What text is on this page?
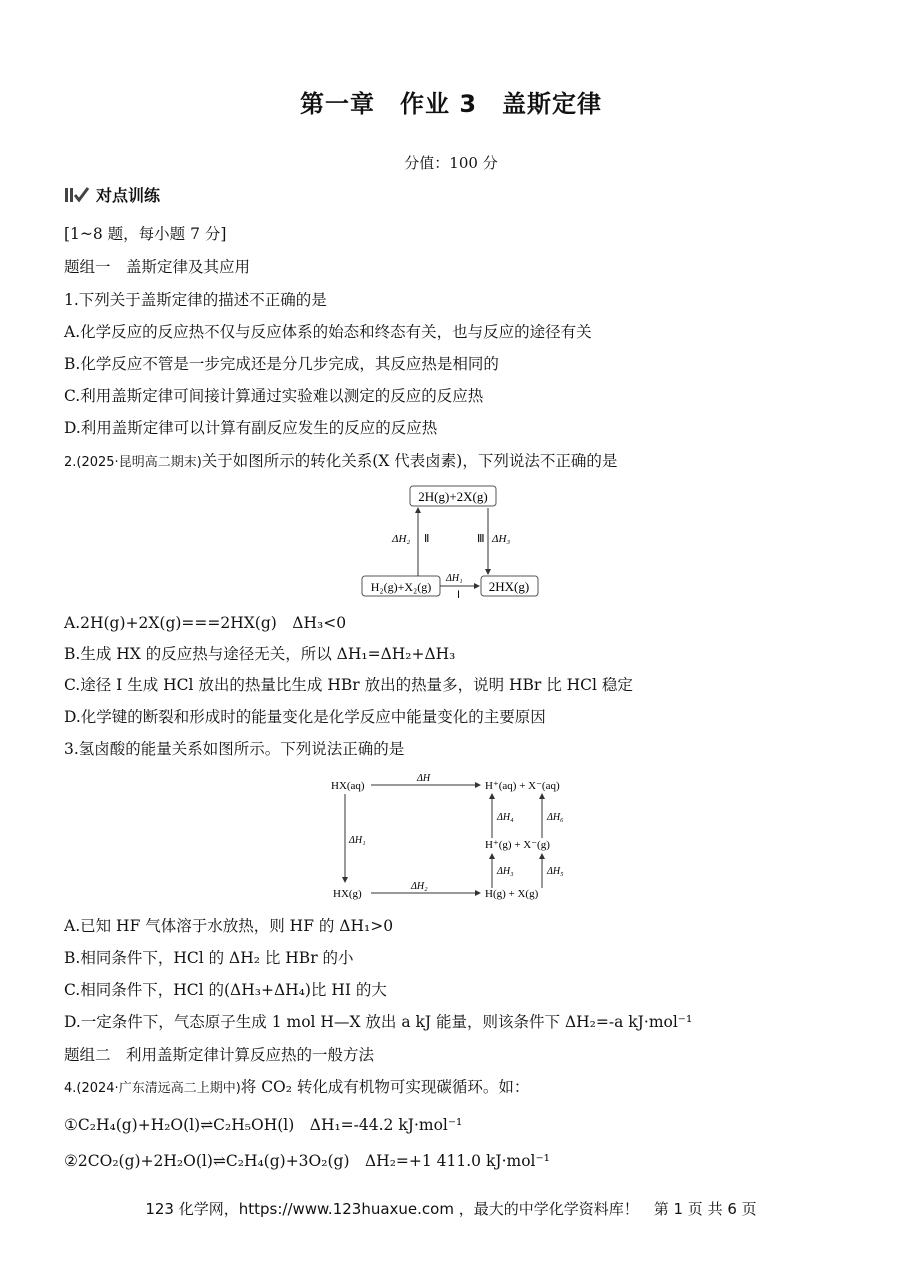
第一章　作业 3　盖斯定律
分值：100 分
对点训练
[1~8 题，每小题 7 分]
题组一　盖斯定律及其应用
1.下列关于盖斯定律的描述不正确的是
A.化学反应的反应热不仅与反应体系的始态和终态有关，也与反应的途径有关
B.化学反应不管是一步完成还是分几步完成，其反应热是相同的
C.利用盖斯定律可间接计算通过实验难以测定的反应的反应热
D.利用盖斯定律可以计算有副反应发生的反应的反应热
2.(2025·昆明高二期末)关于如图所示的转化关系(X 代表卤素)，下列说法不正确的是
2H(g)+2X(g)
H₂(g)+X₂(g)	2HX(g)
ΔH₂ Ⅱ	Ⅲ ΔH₃
ΔH₁
Ⅰ
A.2H(g)+2X(g)===2HX(g)　ΔH₃<0
B.生成 HX 的反应热与途径无关，所以 ΔH₁=ΔH₂+ΔH₃
C.途径 Ⅰ 生成 HCl 放出的热量比生成 HBr 放出的热量多，说明 HBr 比 HCl 稳定
D.化学键的断裂和形成时的能量变化是化学反应中能量变化的主要原因
3.氢卤酸的能量关系如图所示。下列说法正确的是
HX(aq)
ΔH
H⁺(aq) + X⁻(aq)
ΔH₁
ΔH₄	ΔH₆
H⁺(g) + X⁻(g)
ΔH₃	ΔH₅
HX(g)
ΔH₂
H(g) + X(g)
A.已知 HF 气体溶于水放热，则 HF 的 ΔH₁>0
B.相同条件下，HCl 的 ΔH₂ 比 HBr 的小
C.相同条件下，HCl 的(ΔH₃+ΔH₄)比 HI 的大
D.一定条件下，气态原子生成 1 mol H—X 放出 a kJ 能量，则该条件下 ΔH₂=-a kJ·mol⁻¹
题组二　利用盖斯定律计算反应热的一般方法
4.(2024·广东清远高二上期中)将 CO₂ 转化成有机物可实现碳循环。如：
①C₂H₄(g)+H₂O(l)⇌C₂H₅OH(l)　ΔH₁=-44.2 kJ·mol⁻¹
②2CO₂(g)+2H₂O(l)⇌C₂H₄(g)+3O₂(g)　ΔH₂=+1 411.0 kJ·mol⁻¹
123 化学网，https://www.123huaxue.com ，最大的中学化学资料库！　第 1 页 共 6 页
